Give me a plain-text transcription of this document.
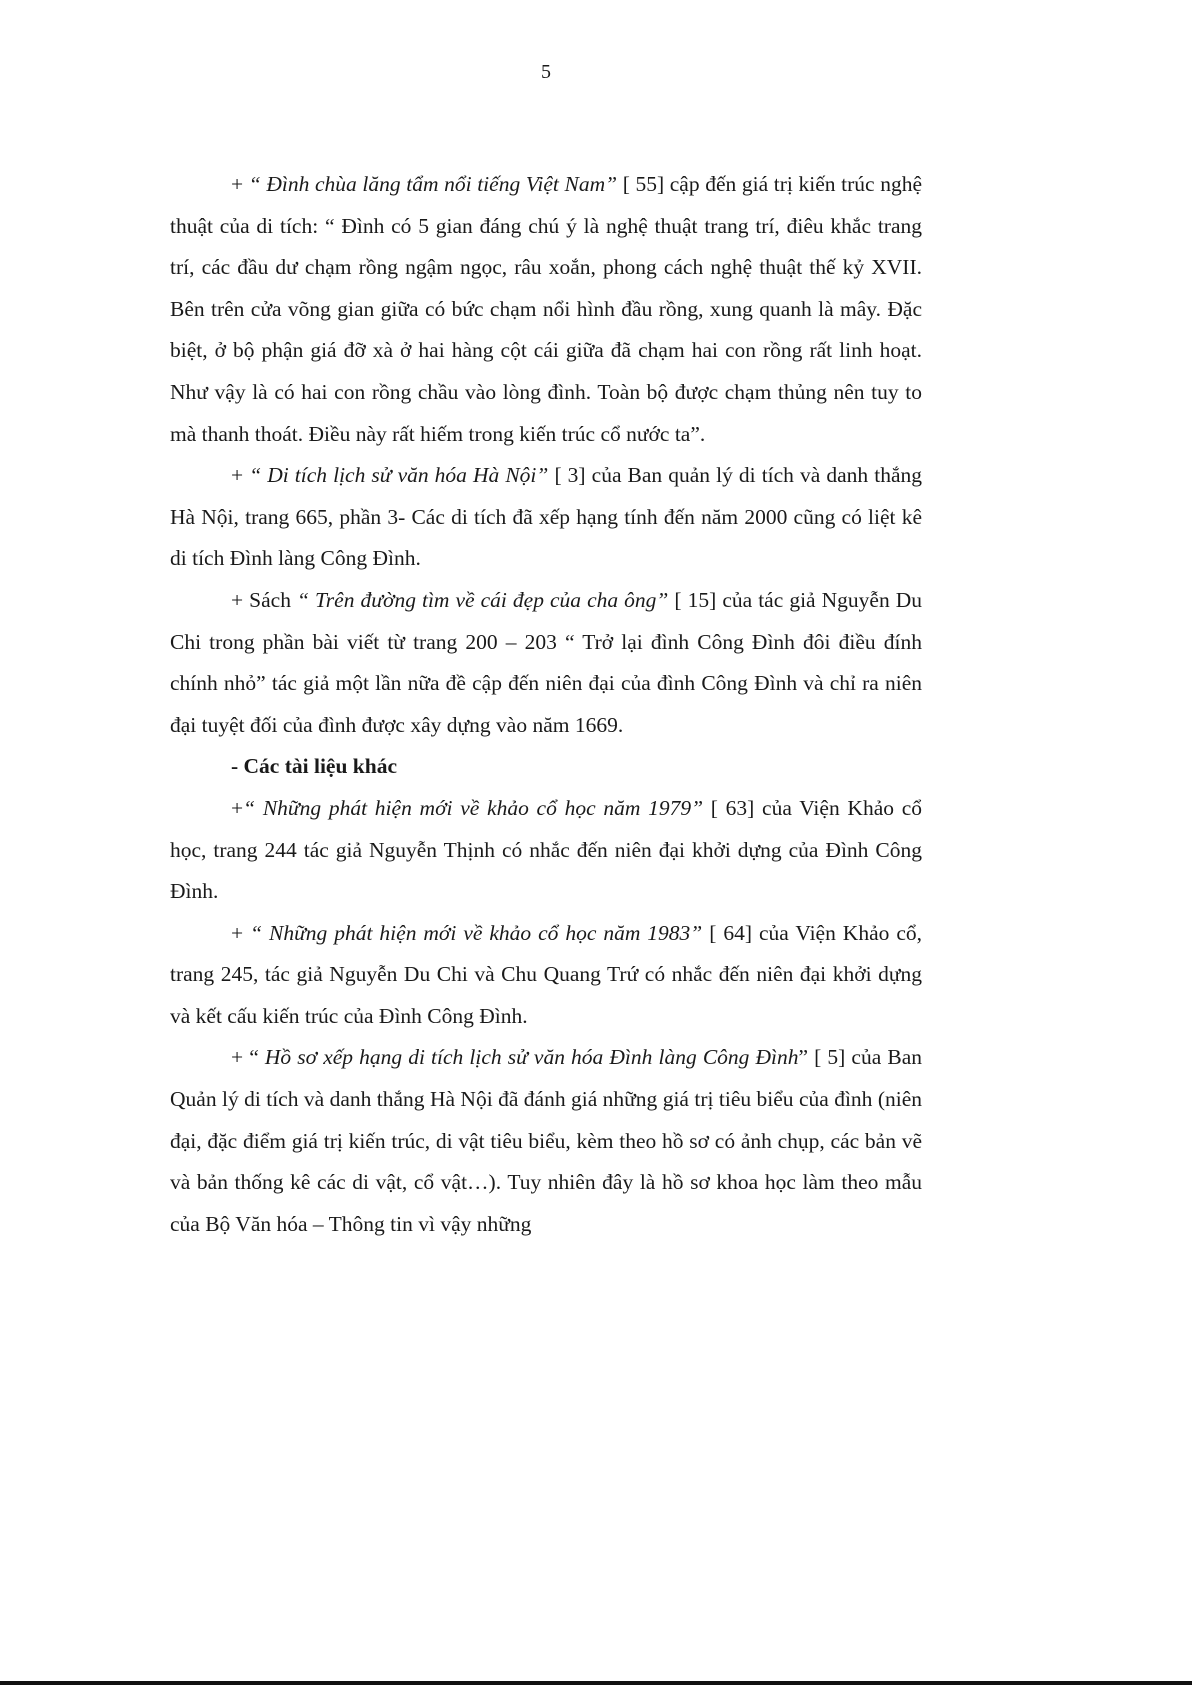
5

+ “ Đình chùa lăng tẩm nổi tiếng Việt Nam” [ 55] cập đến giá trị kiến trúc nghệ thuật của di tích: “ Đình có 5 gian đáng chú ý là nghệ thuật trang trí, điêu khắc trang trí, các đầu dư chạm rồng ngậm ngọc, râu xoắn, phong cách nghệ thuật thế kỷ XVII. Bên trên cửa võng gian giữa có bức chạm nổi hình đầu rồng, xung quanh là mây. Đặc biệt, ở bộ phận giá đỡ xà ở hai hàng cột cái giữa đã chạm hai con rồng rất linh hoạt. Như vậy là có hai con rồng chầu vào lòng đình. Toàn bộ được chạm thủng nên tuy to mà thanh thoát. Điều này rất hiếm trong kiến trúc cổ nước ta”.

+ “ Di tích lịch sử văn hóa Hà Nội” [ 3] của Ban quản lý di tích và danh thắng Hà Nội, trang 665, phần 3- Các di tích đã xếp hạng tính đến năm 2000 cũng có liệt kê di tích Đình làng Công Đình.

+ Sách “ Trên đường tìm về cái đẹp của cha ông” [ 15] của tác giả Nguyễn Du Chi trong phần bài viết từ trang 200 – 203 “ Trở lại đình Công Đình đôi điều đính chính nhỏ” tác giả một lần nữa đề cập đến niên đại của đình Công Đình và chỉ ra niên đại tuyệt đối của đình được xây dựng vào năm 1669.

- Các tài liệu khác

+“ Những phát hiện mới về khảo cổ học năm 1979” [ 63] của Viện Khảo cổ học, trang 244 tác giả Nguyễn Thịnh có nhắc đến niên đại khởi dựng của Đình Công Đình.

+ “ Những phát hiện mới về khảo cổ học năm 1983” [ 64] của Viện Khảo cổ, trang 245, tác giả Nguyễn Du Chi và Chu Quang Trứ có nhắc đến niên đại khởi dựng và kết cấu kiến trúc của Đình Công Đình.

+ “ Hồ sơ xếp hạng di tích lịch sử văn hóa Đình làng Công Đình” [ 5] của Ban Quản lý di tích và danh thắng Hà Nội đã đánh giá những giá trị tiêu biểu của đình (niên đại, đặc điểm giá trị kiến trúc, di vật tiêu biểu, kèm theo hồ sơ có ảnh chụp, các bản vẽ và bản thống kê các di vật, cổ vật…). Tuy nhiên đây là hồ sơ khoa học làm theo mẫu của Bộ Văn hóa – Thông tin vì vậy những
